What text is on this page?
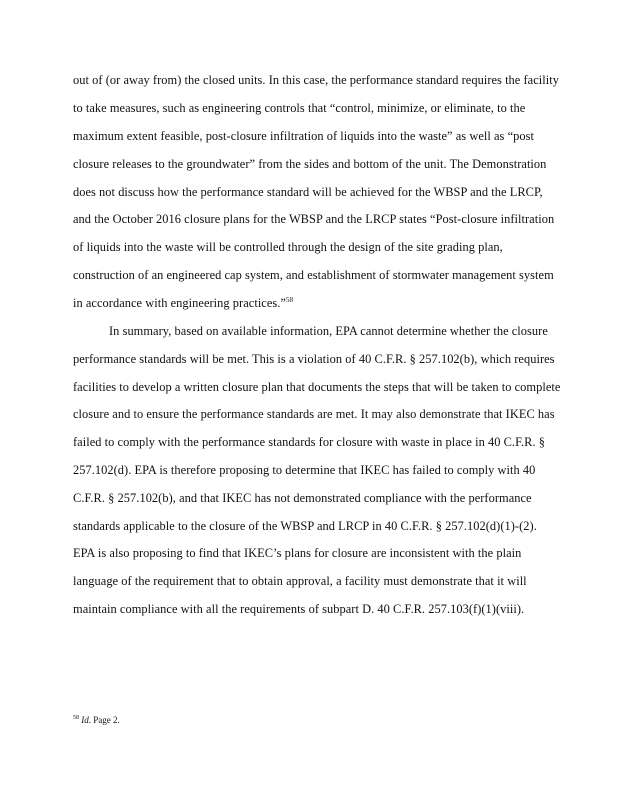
out of (or away from) the closed units. In this case, the performance standard requires the facility
to take measures, such as engineering controls that “control, minimize, or eliminate, to the
maximum extent feasible, post-closure infiltration of liquids into the waste” as well as “post
closure releases to the groundwater” from the sides and bottom of the unit. The Demonstration
does not discuss how the performance standard will be achieved for the WBSP and the LRCP,
and the October 2016 closure plans for the WBSP and the LRCP states “Post-closure infiltration
of liquids into the waste will be controlled through the design of the site grading plan,
construction of an engineered cap system, and establishment of stormwater management system
in accordance with engineering practices.”$^{58}$
In summary, based on available information, EPA cannot determine whether the closure
performance standards will be met. This is a violation of 40 C.F.R. § 257.102(b), which requires
facilities to develop a written closure plan that documents the steps that will be taken to complete
closure and to ensure the performance standards are met. It may also demonstrate that IKEC has
failed to comply with the performance standards for closure with waste in place in 40 C.F.R. §
257.102(d). EPA is therefore proposing to determine that IKEC has failed to comply with 40
C.F.R. § 257.102(b), and that IKEC has not demonstrated compliance with the performance
standards applicable to the closure of the WBSP and LRCP in 40 C.F.R. § 257.102(d)(1)-(2).
EPA is also proposing to find that IKEC’s plans for closure are inconsistent with the plain
language of the requirement that to obtain approval, a facility must demonstrate that it will
maintain compliance with all the requirements of subpart D. 40 C.F.R. 257.103(f)(1)(viii).
$^{58}$ Id. Page 2.
